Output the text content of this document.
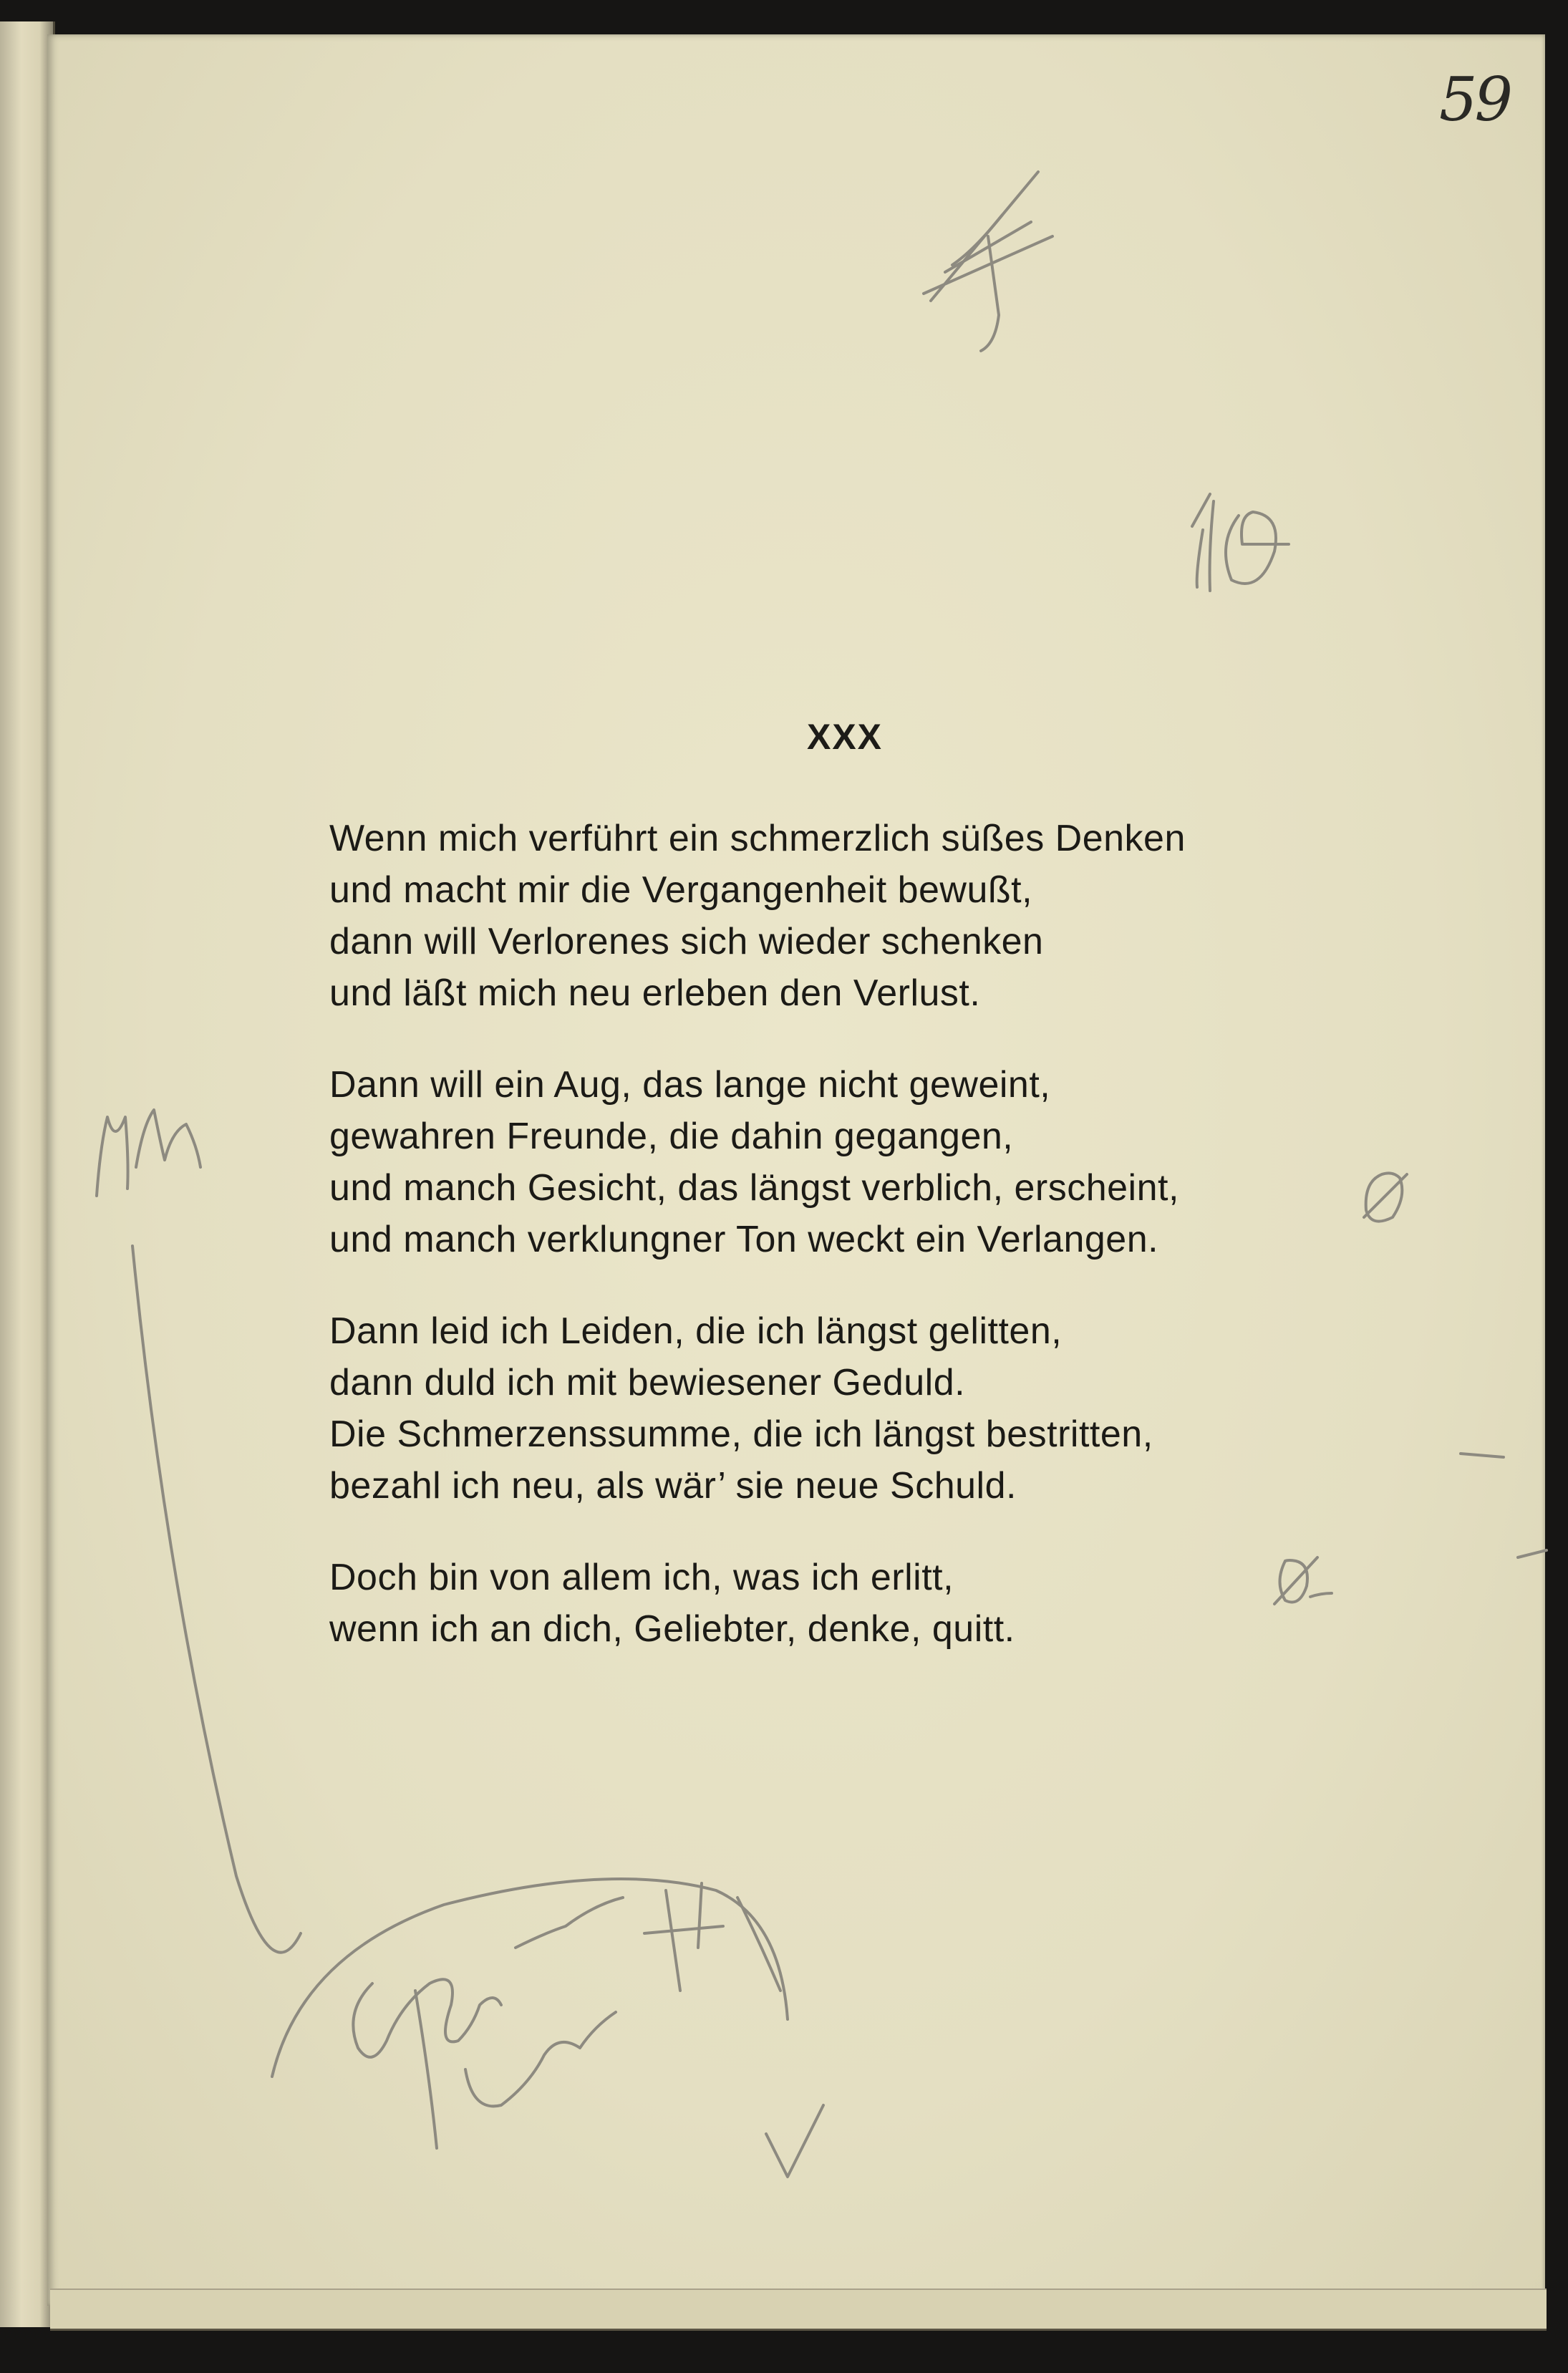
59
XXX
Wenn mich verführt ein schmerzlich süßes Denken
und macht mir die Vergangenheit bewußt,
dann will Verlorenes sich wieder schenken
und läßt mich neu erleben den Verlust.
Dann will ein Aug, das lange nicht geweint,
gewahren Freunde, die dahin gegangen,
und manch Gesicht, das längst verblich, erscheint,
und manch verklungner Ton weckt ein Verlangen.
Dann leid ich Leiden, die ich längst gelitten,
dann duld ich mit bewiesener Geduld.
Die Schmerzenssumme, die ich längst bestritten,
bezahl ich neu, als wär’ sie neue Schuld.
Doch bin von allem ich, was ich erlitt,
wenn ich an dich, Geliebter, denke, quitt.
